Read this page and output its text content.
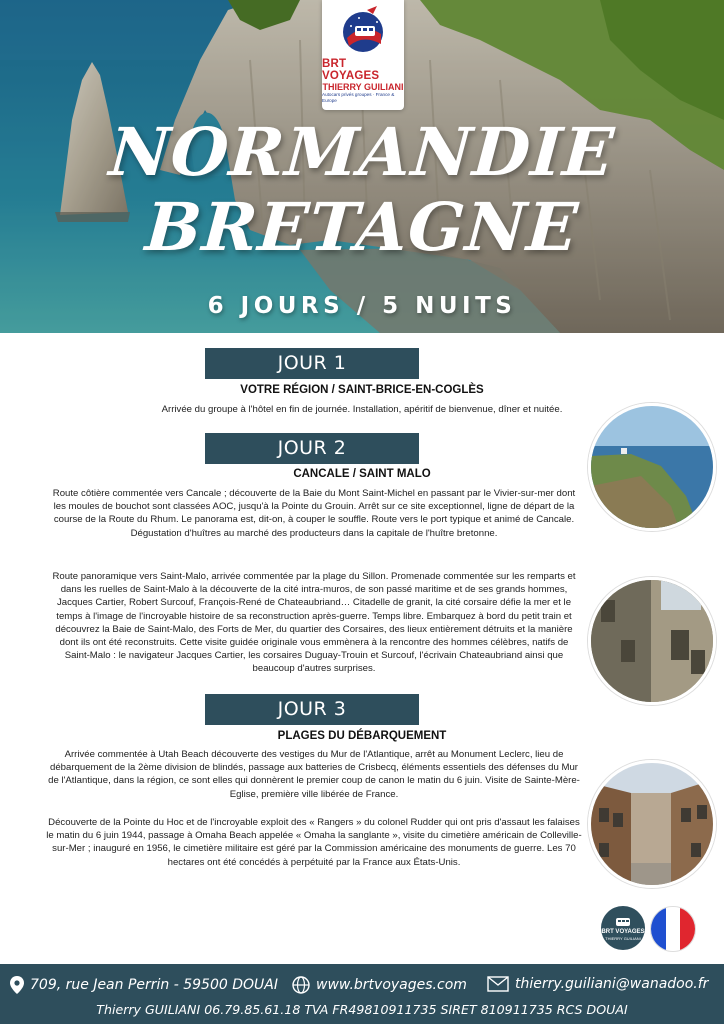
BRT VOYAGES
THIERRY GUILIANI
Autocars privés groupes · France & Europe
NORMANDIE
BRETAGNE
6 JOURS / 5 NUITS
JOUR 1
VOTRE RÉGION / SAINT-BRICE-EN-COGLÈS
Arrivée du groupe à l'hôtel en fin de journée. Installation, apéritif de bienvenue, dîner et nuitée.
JOUR 2
CANCALE / SAINT MALO
Route côtière commentée vers Cancale ; découverte de la Baie du Mont Saint-Michel en passant par le Vivier-sur-mer dont les moules de bouchot sont classées AOC, jusqu'à la Pointe du Grouin. Arrêt sur ce site exceptionnel, ligne de départ de la course de la Route du Rhum. Le panorama est, dit-on, à couper le souffle. Route vers le port typique et animé de Cancale. Dégustation d'huîtres au marché des producteurs dans la capitale de l'huître bretonne.
Route panoramique vers Saint-Malo, arrivée commentée par la plage du Sillon. Promenade commentée sur les remparts et dans les ruelles de Saint-Malo à la découverte de la cité intra-muros, de son passé maritime et de ses grands hommes, Jacques Cartier, Robert Surcouf, François-René de Chateaubriand… Citadelle de granit, la cité corsaire défie la mer et le temps à l'image de l'incroyable histoire de sa reconstruction après-guerre. Temps libre. Embarquez à bord du petit train et découvrez la Baie de Saint-Malo, des Forts de Mer, du quartier des Corsaires, des lieux entièrement détruits et la manière dont ils ont été reconstruits. Cette visite guidée originale vous emmènera à la rencontre des hommes célèbres, natifs de Saint-Malo : le navigateur Jacques Cartier, les corsaires Duguay-Trouin et Surcouf, l'écrivain Chateaubriand ainsi que beaucoup d'autres surprises.
JOUR 3
PLAGES DU DÉBARQUEMENT
Arrivée commentée à Utah Beach découverte des vestiges du Mur de l'Atlantique, arrêt au Monument Leclerc, lieu de débarquement de la 2ème division de blindés, passage aux batteries de Crisbecq, éléments essentiels des défenses du Mur de l'Atlantique, dans la région, ce sont elles qui donnèrent le premier coup de canon le matin du 6 juin. Visite de Sainte-Mère-Eglise, première ville libérée de France.
Découverte de la Pointe du Hoc et de l'incroyable exploit des « Rangers » du colonel Rudder qui ont pris d'assaut les falaises le matin du 6 juin 1944, passage à Omaha Beach appelée « Omaha la sanglante », visite du cimetière américain de Colleville-sur-Mer ; inauguré en 1956, le cimetière militaire est géré par la Commission américaine des monuments de guerre. Les 70 hectares ont été concédés à perpétuité par la France aux États-Unis.
BRT VOYAGES
THIERRY GUILIANI
709, rue Jean Perrin - 59500 DOUAI	www.brtvoyages.com	thierry.guiliani@wanadoo.fr
Thierry GUILIANI 06.79.85.61.18 TVA FR49810911735 SIRET 810911735 RCS DOUAI
